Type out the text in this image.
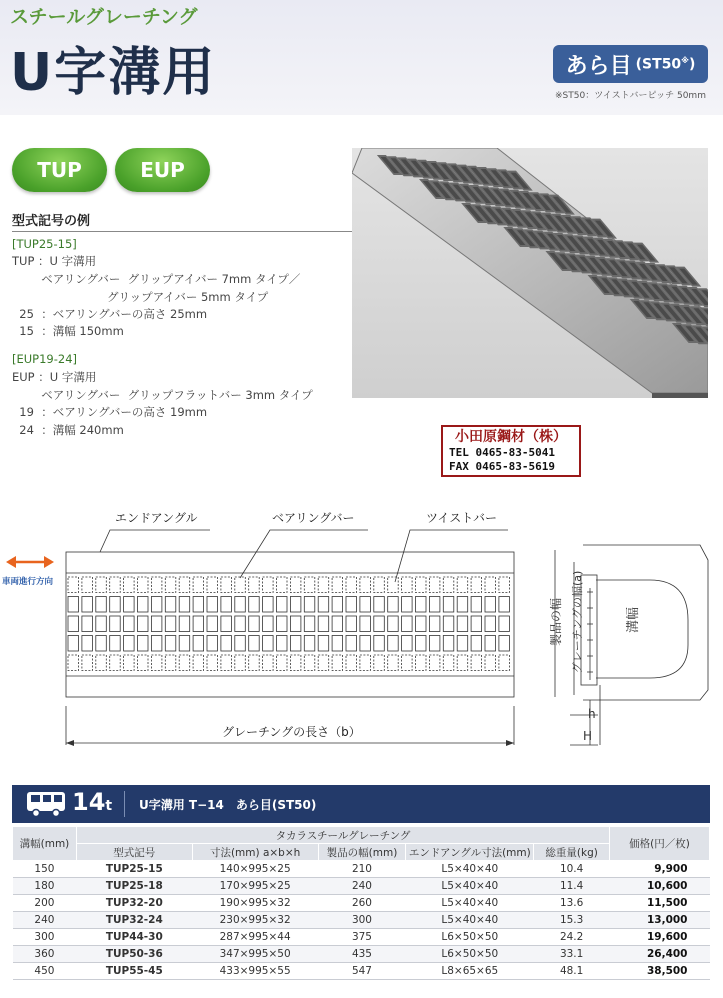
スチールグレーチング
U字溝用	あら目 (ST50※)
※ST50：ツイストバーピッチ 50mm
TUP	EUP
型式記号の例
[TUP25-15]
TUP ：U 字溝用
ベアリングバー  グリップアイバー 7mm タイプ／
グリップアイバー 5mm タイプ
25  ：ベアリングバーの高さ 25mm
15  ：溝幅 150mm
[EUP19-24]
EUP ：U 字溝用
ベアリングバー  グリップフラットバー 3mm タイプ
19  ：ベアリングバーの高さ 19mm
24  ：溝幅 240mm	小田原鋼材（株）
TEL 0465-83-5041
FAX 0465-83-5619
エンドアングル	ベアリングバー	ツイストバー
グレーチングの長さ（b）
車両進行方向
製品の幅 グレーチングの幅(a)	溝幅
h
H
14t U字溝用 T−14　あら目(ST50)
溝幅(mm)	タカラスチールグレーチング					価格(円／枚)
	型式記号	寸法(mm) a×b×h	製品の幅(mm)	エンドアングル寸法(mm)	総重量(kg)	
150	TUP25-15	140×995×25	210	L5×40×40	10.4	9,900
180	TUP25-18	170×995×25	240	L5×40×40	11.4	10,600
200	TUP32-20	190×995×32	260	L5×40×40	13.6	11,500
240	TUP32-24	230×995×32	300	L5×40×40	15.3	13,000
300	TUP44-30	287×995×44	375	L6×50×50	24.2	19,600
360	TUP50-36	347×995×50	435	L6×50×50	33.1	26,400
450	TUP55-45	433×995×55	547	L8×65×65	48.1	38,500
